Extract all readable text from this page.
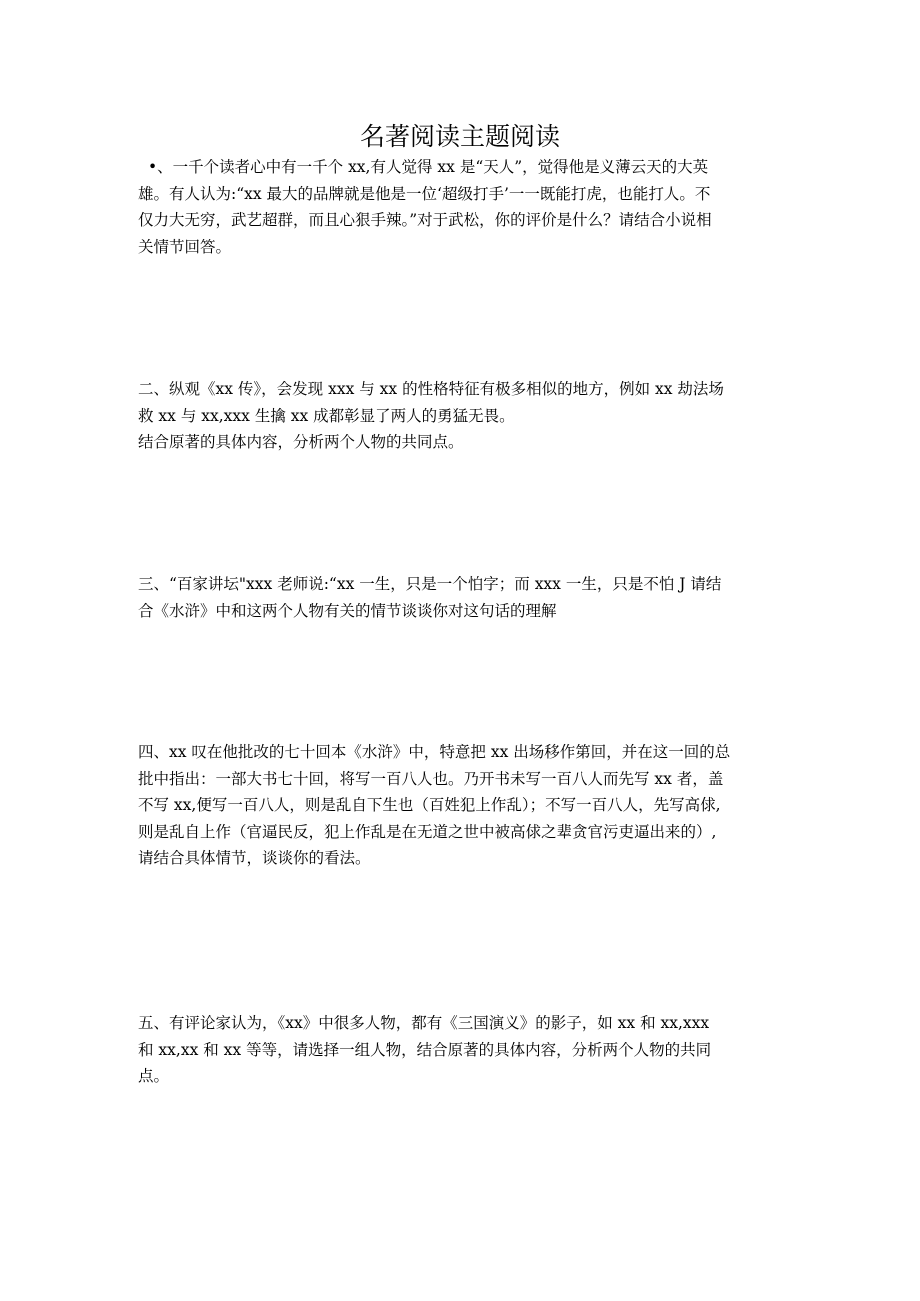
名著阅读主题阅读

•、一千个读者心中有一千个 xx,有人觉得 xx 是“天人”，觉得他是义薄云天的大英

雄。有人认为:“xx 最大的品牌就是他是一位‘超级打手’一一既能打虎，也能打人。不

仅力大无穷，武艺超群，而且心狠手辣。”对于武松，你的评价是什么？请结合小说相

关情节回答。

二、纵观《xx 传》，会发现 xxx 与 xx 的性格特征有极多相似的地方，例如 xx 劫法场

救 xx 与 xx,xxx 生擒 xx 成都彰显了两人的勇猛无畏。

结合原著的具体内容，分析两个人物的共同点。

三、“百家讲坛"xxx 老师说:“xx 一生，只是一个怕字；而 xxx 一生，只是不怕 J 请结

合《水浒》中和这两个人物有关的情节谈谈你对这句话的理解

四、xx 叹在他批改的七十回本《水浒》中，特意把 xx 出场移作第回，并在这一回的总

批中指出：一部大书七十回，将写一百八人也。乃开书未写一百八人而先写 xx 者，盖

不写 xx,便写一百八人，则是乱自下生也（百姓犯上作乱）；不写一百八人，先写高俅,

则是乱自上作（官逼民反，犯上作乱是在无道之世中被高俅之辈贪官污吏逼出来的）,

请结合具体情节，谈谈你的看法。

五、有评论家认为，《xx》中很多人物，都有《三国演义》的影子，如 xx 和 xx,xxx

和 xx,xx 和 xx 等等，请选择一组人物，结合原著的具体内容，分析两个人物的共同

点。
